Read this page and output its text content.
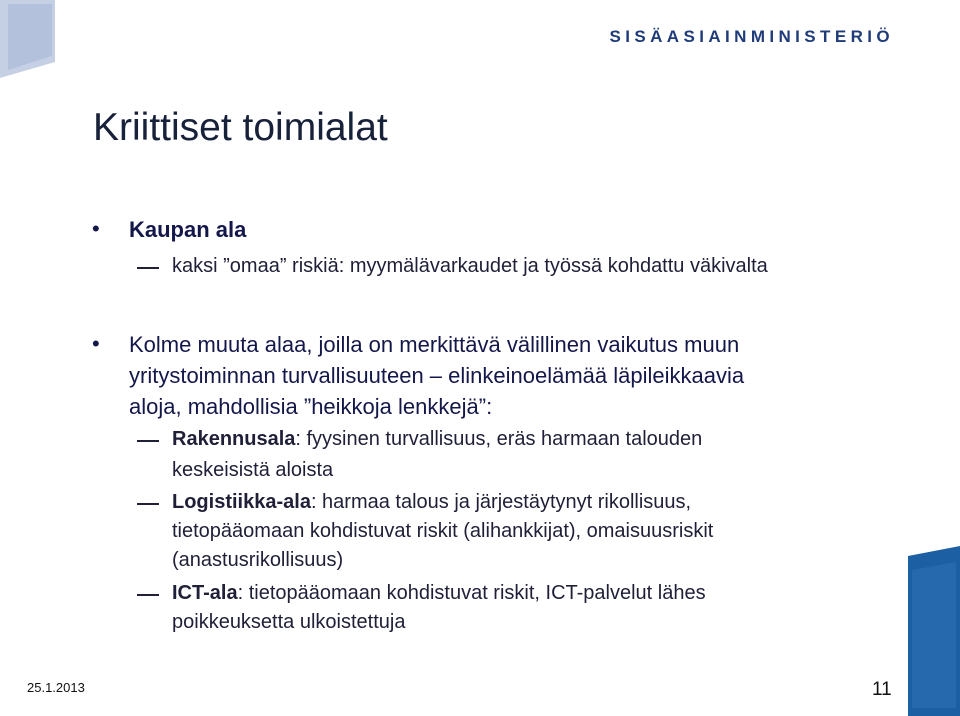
SISÄASIAINMINISTERIÖ
Kriittiset toimialat
• Kaupan ala
kaksi ”omaa” riskiä: myymälävarkaudet ja työssä kohdattu väkivalta
• Kolme muuta alaa, joilla on merkittävä välillinen vaikutus muun
yritystoiminnan turvallisuuteen – elinkeinoelämää läpileikkaavia
aloja, mahdollisia ”heikkoja lenkkejä”:
Rakennusala: fyysinen turvallisuus, eräs harmaan talouden
keskeisistä aloista
Logistiikka-ala: harmaa talous ja järjestäytynyt rikollisuus,
tietopääomaan kohdistuvat riskit (alihankkijat), omaisuusriskit
(anastusrikollisuus)
ICT-ala: tietopääomaan kohdistuvat riskit, ICT-palvelut lähes
poikkeuksetta ulkoistettuja
25.1.2013	11
